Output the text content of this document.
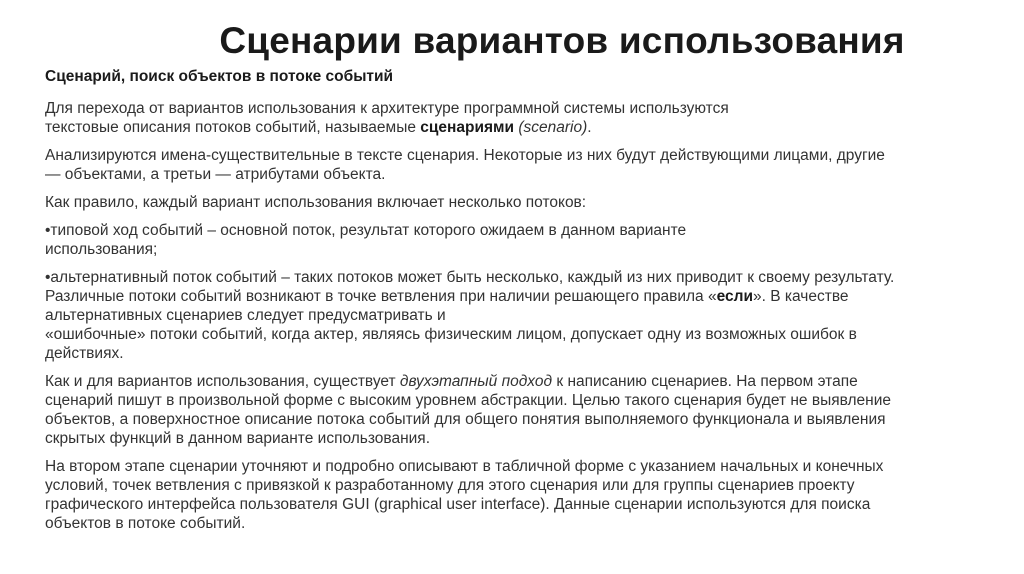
Сценарии вариантов использования
Сценарий, поиск объектов в потоке событий

Для перехода от вариантов использования к архитектуре программной системы используются
текстовые описания потоков событий, называемые сценариями (scenario).

Анализируются имена-существительные в тексте сценария. Некоторые из них будут действующими лицами, другие
— объектами, а третьи — атрибутами объекта.

Как правило, каждый вариант использования включает несколько потоков:

•типовой ход событий – основной поток, результат которого ожидаем в данном варианте
использования;

•альтернативный поток событий – таких потоков может быть несколько, каждый из них приводит к своему результату.
Различные потоки событий возникают в точке ветвления при наличии решающего правила «если». В качестве
альтернативных сценариев следует предусматривать и
«ошибочные» потоки событий, когда актер, являясь физическим лицом, допускает одну из возможных ошибок в
действиях.

Как и для вариантов использования, существует двухэтапный подход к написанию сценариев. На первом этапе
сценарий пишут в произвольной форме с высоким уровнем абстракции. Целью такого сценария будет не выявление
объектов, а поверхностное описание потока событий для общего понятия выполняемого функционала и выявления
скрытых функций в данном варианте использования.

На втором этапе сценарии уточняют и подробно описывают в табличной форме с указанием начальных и конечных
условий, точек ветвления с привязкой к разработанному для этого сценария или для группы сценариев проекту
графического интерфейса пользователя GUI (graphical user interface). Данные сценарии используются для поиска
объектов в потоке событий.
